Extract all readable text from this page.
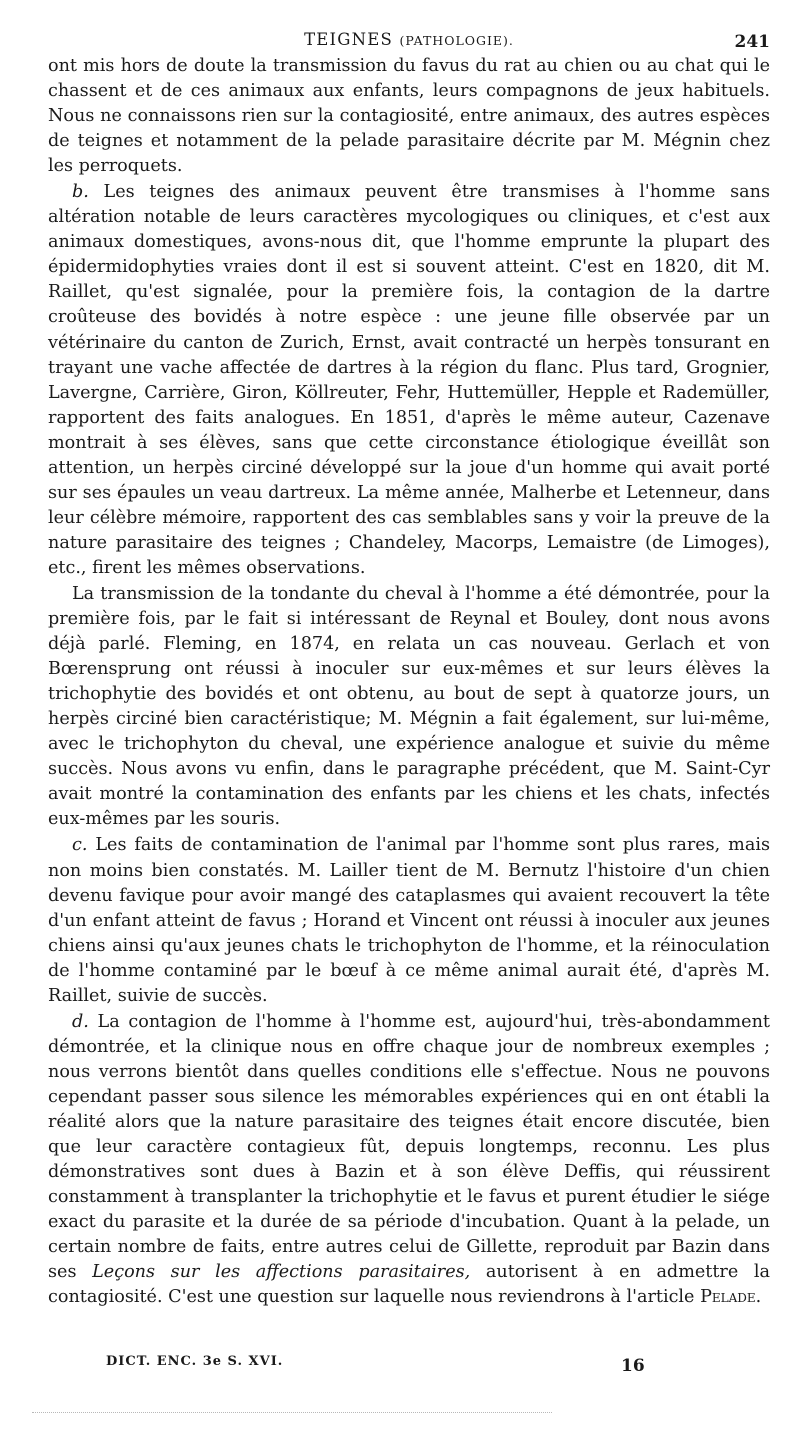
TEIGNES (PATHOLOGIE).	241

ont mis hors de doute la transmission du favus du rat au chien ou au chat qui le chassent et de ces animaux aux enfants, leurs compagnons de jeux habituels. Nous ne connaissons rien sur la contagiosité, entre animaux, des autres espèces de teignes et notamment de la pelade parasitaire décrite par M. Mégnin chez les perroquets.

b. Les teignes des animaux peuvent être transmises à l'homme sans altération notable de leurs caractères mycologiques ou cliniques, et c'est aux animaux domestiques, avons-nous dit, que l'homme emprunte la plupart des épidermidophyties vraies dont il est si souvent atteint. C'est en 1820, dit M. Raillet, qu'est signalée, pour la première fois, la contagion de la dartre croûteuse des bovidés à notre espèce : une jeune fille observée par un vétérinaire du canton de Zurich, Ernst, avait contracté un herpès tonsurant en trayant une vache affectée de dartres à la région du flanc. Plus tard, Grognier, Lavergne, Carrière, Giron, Köllreuter, Fehr, Huttemüller, Hepple et Rademüller, rapportent des faits analogues. En 1851, d'après le même auteur, Cazenave montrait à ses élèves, sans que cette circonstance étiologique éveillât son attention, un herpès circiné développé sur la joue d'un homme qui avait porté sur ses épaules un veau dartreux. La même année, Malherbe et Letenneur, dans leur célèbre mémoire, rapportent des cas semblables sans y voir la preuve de la nature parasitaire des teignes ; Chandeley, Macorps, Lemaistre (de Limoges), etc., firent les mêmes observations.

La transmission de la tondante du cheval à l'homme a été démontrée, pour la première fois, par le fait si intéressant de Reynal et Bouley, dont nous avons déjà parlé. Fleming, en 1874, en relata un cas nouveau. Gerlach et von Bœrensprung ont réussi à inoculer sur eux-mêmes et sur leurs élèves la trichophytie des bovidés et ont obtenu, au bout de sept à quatorze jours, un herpès circiné bien caractéristique; M. Mégnin a fait également, sur lui-même, avec le trichophyton du cheval, une expérience analogue et suivie du même succès. Nous avons vu enfin, dans le paragraphe précédent, que M. Saint-Cyr avait montré la contamination des enfants par les chiens et les chats, infectés eux-mêmes par les souris.

c. Les faits de contamination de l'animal par l'homme sont plus rares, mais non moins bien constatés. M. Lailler tient de M. Bernutz l'histoire d'un chien devenu favique pour avoir mangé des cataplasmes qui avaient recouvert la tête d'un enfant atteint de favus ; Horand et Vincent ont réussi à inoculer aux jeunes chiens ainsi qu'aux jeunes chats le trichophyton de l'homme, et la réinoculation de l'homme contaminé par le bœuf à ce même animal aurait été, d'après M. Raillet, suivie de succès.

d. La contagion de l'homme à l'homme est, aujourd'hui, très-abondamment démontrée, et la clinique nous en offre chaque jour de nombreux exemples ; nous verrons bientôt dans quelles conditions elle s'effectue. Nous ne pouvons cependant passer sous silence les mémorables expériences qui en ont établi la réalité alors que la nature parasitaire des teignes était encore discutée, bien que leur caractère contagieux fût, depuis longtemps, reconnu. Les plus démonstratives sont dues à Bazin et à son élève Deffis, qui réussirent constamment à transplanter la trichophytie et le favus et purent étudier le siége exact du parasite et la durée de sa période d'incubation. Quant à la pelade, un certain nombre de faits, entre autres celui de Gillette, reproduit par Bazin dans ses Leçons sur les affections parasitaires, autorisent à en admettre la contagiosité. C'est une question sur laquelle nous reviendrons à l'article Pelade.

DICT. ENC. 3e S. XVI.	16
